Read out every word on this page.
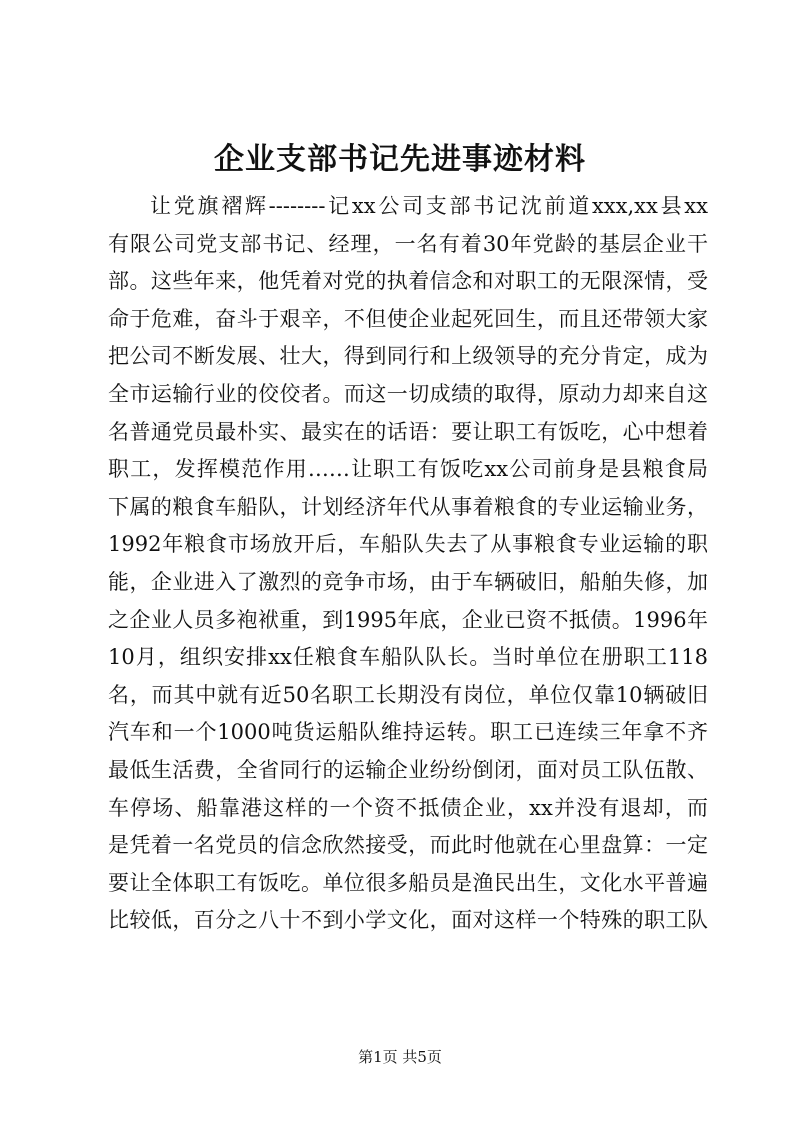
企业支部书记先进事迹材料
让党旗褶辉--------记xx公司支部书记沈前道xxx,xx县xx
有限公司党支部书记、经理，一名有着30年党龄的基层企业干
部。这些年来，他凭着对党的执着信念和对职工的无限深情，受
命于危难，奋斗于艰辛，不但使企业起死回生，而且还带领大家
把公司不断发展、壮大，得到同行和上级领导的充分肯定，成为
全市运输行业的佼佼者。而这一切成绩的取得，原动力却来自这
名普通党员最朴实、最实在的话语：要让职工有饭吃，心中想着
职工，发挥模范作用……让职工有饭吃xx公司前身是县粮食局
下属的粮食车船队，计划经济年代从事着粮食的专业运输业务，
1992年粮食市场放开后，车船队失去了从事粮食专业运输的职
能，企业进入了激烈的竞争市场，由于车辆破旧，船舶失修，加
之企业人员多袍袱重，到1995年底，企业已资不抵债。1996年
10月，组织安排xx任粮食车船队队长。当时单位在册职工118
名，而其中就有近50名职工长期没有岗位，单位仅靠10辆破旧
汽车和一个1000吨货运船队维持运转。职工已连续三年拿不齐
最低生活费，全省同行的运输企业纷纷倒闭，面对员工队伍散、
车停场、船靠港这样的一个资不抵债企业，xx并没有退却，而
是凭着一名党员的信念欣然接受，而此时他就在心里盘算：一定
要让全体职工有饭吃。单位很多船员是渔民出生，文化水平普遍
比较低，百分之八十不到小学文化，面对这样一个特殊的职工队
第1页 共5页
